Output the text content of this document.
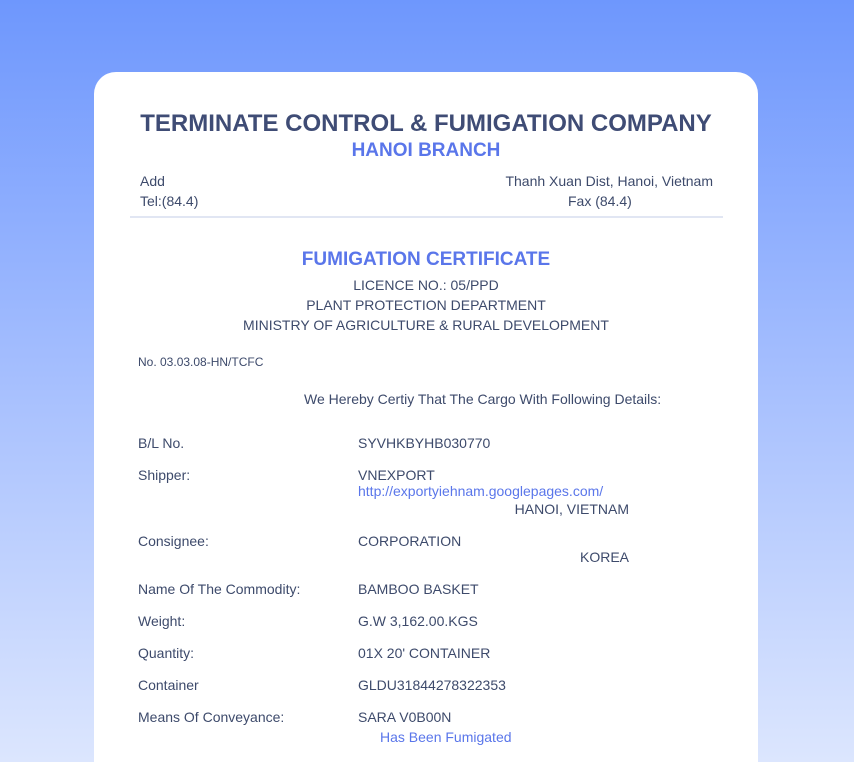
TERMINATE CONTROL & FUMIGATION COMPANY
HANOI BRANCH
Add	Thanh Xuan Dist, Hanoi, Vietnam
Tel:(84.4)	Fax (84.4)
FUMIGATION CERTIFICATE
LICENCE NO.: 05/PPD
PLANT PROTECTION DEPARTMENT
MINISTRY OF AGRICULTURE & RURAL DEVELOPMENT
No. 03.03.08-HN/TCFC
We Hereby Certiy That The Cargo With Following Details:
B/L No.	SYVHKBYHB030770
Shipper:	VNEXPORT
http://exportyiehnam.googlepages.com/
HANOI, VIETNAM
Consignee:	CORPORATION
KOREA
Name Of The Commodity:	BAMBOO BASKET
Weight:	G.W 3,162.00.KGS
Quantity:	01X 20' CONTAINER
Container	GLDU31844278322353
Means Of Conveyance:	SARA V0B00N
Has Been Fumigated
